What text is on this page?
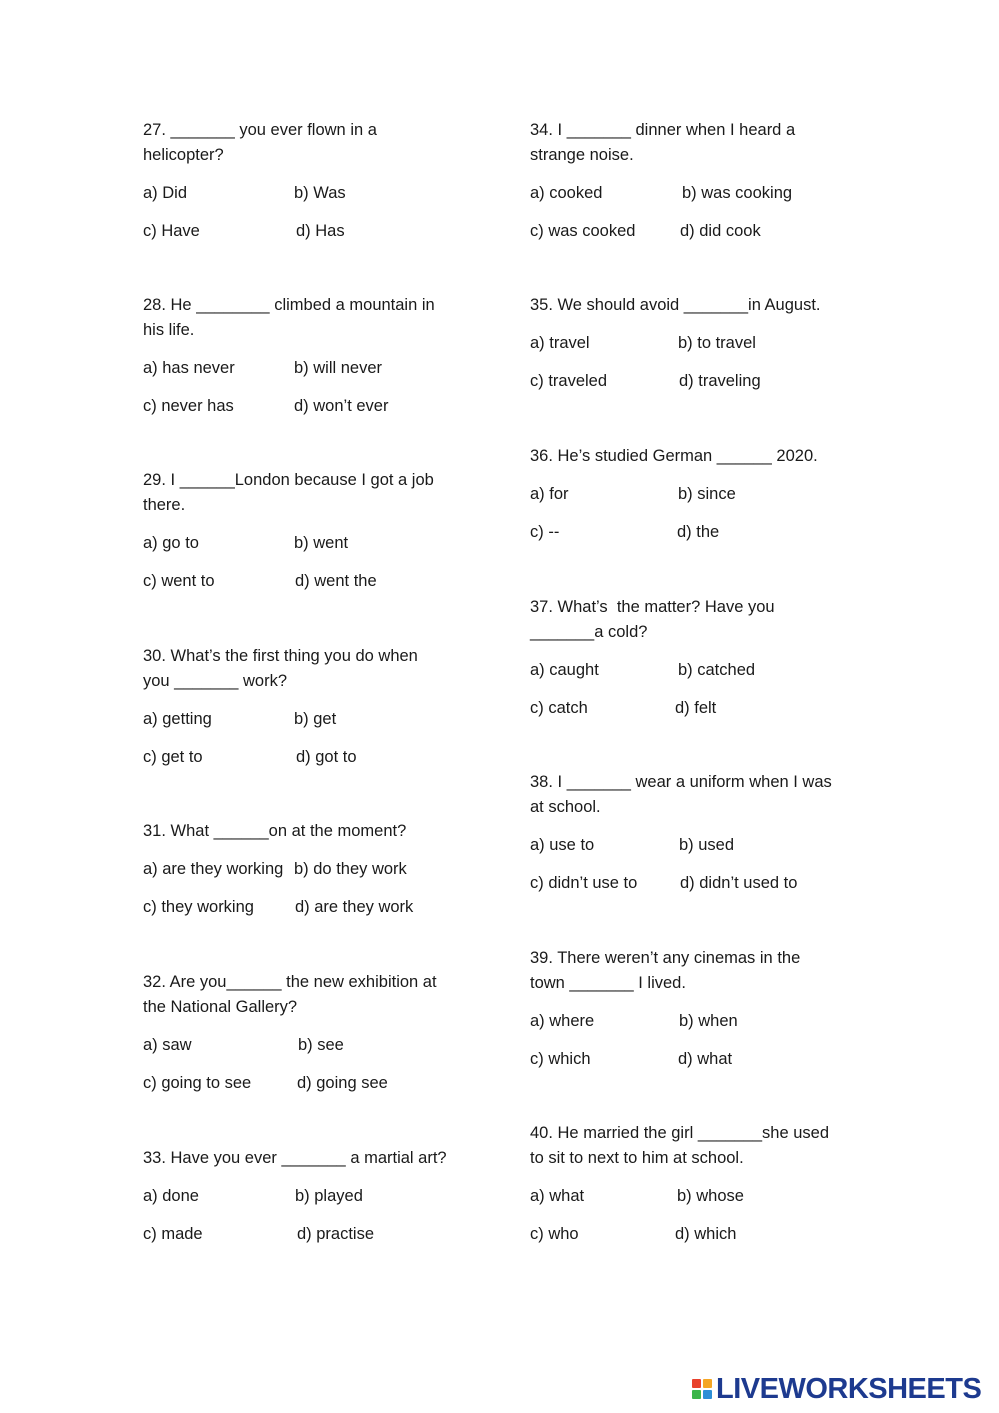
27. _______ you ever flown in a
helicopter?

a) Did	b) Was
c) Have	d) Has

28. He ________ climbed a mountain in
his life.

a) has never	b) will never
c) never has	d) won’t ever

29. I ______London because I got a job
there.

a) go to	b) went
c) went to	d) went the

30. What’s the first thing you do when
you _______ work?

a) getting	b) get
c) get to	d) got to

31. What ______on at the moment?

a) are they working b) do they work
c) they working d) are they work

32. Are you______ the new exhibition at
the National Gallery?

a) saw	b) see
c) going to see	d) going see

33. Have you ever _______ a martial art?

a) done	b) played
c) made	d) practise

34. I _______ dinner when I heard a
strange noise.

a) cooked	b) was cooking
c) was cooked	d) did cook

35. We should avoid _______in August.

a) travel	b) to travel
c) traveled	d) traveling

36. He’s studied German ______ 2020.

a) for	b) since
c) --	d) the

37. What’s  the matter? Have you
_______a cold?

a) caught	b) catched
c) catch	d) felt

38. I _______ wear a uniform when I was
at school.

a) use to	b) used
c) didn’t use to	d) didn’t used to

39. There weren’t any cinemas in the
town _______ I lived.

a) where	b) when
c) which	d) what

40. He married the girl _______she used
to sit to next to him at school.

a) what	b) whose
c) who	d) which
LIVEWORKSHEETS
